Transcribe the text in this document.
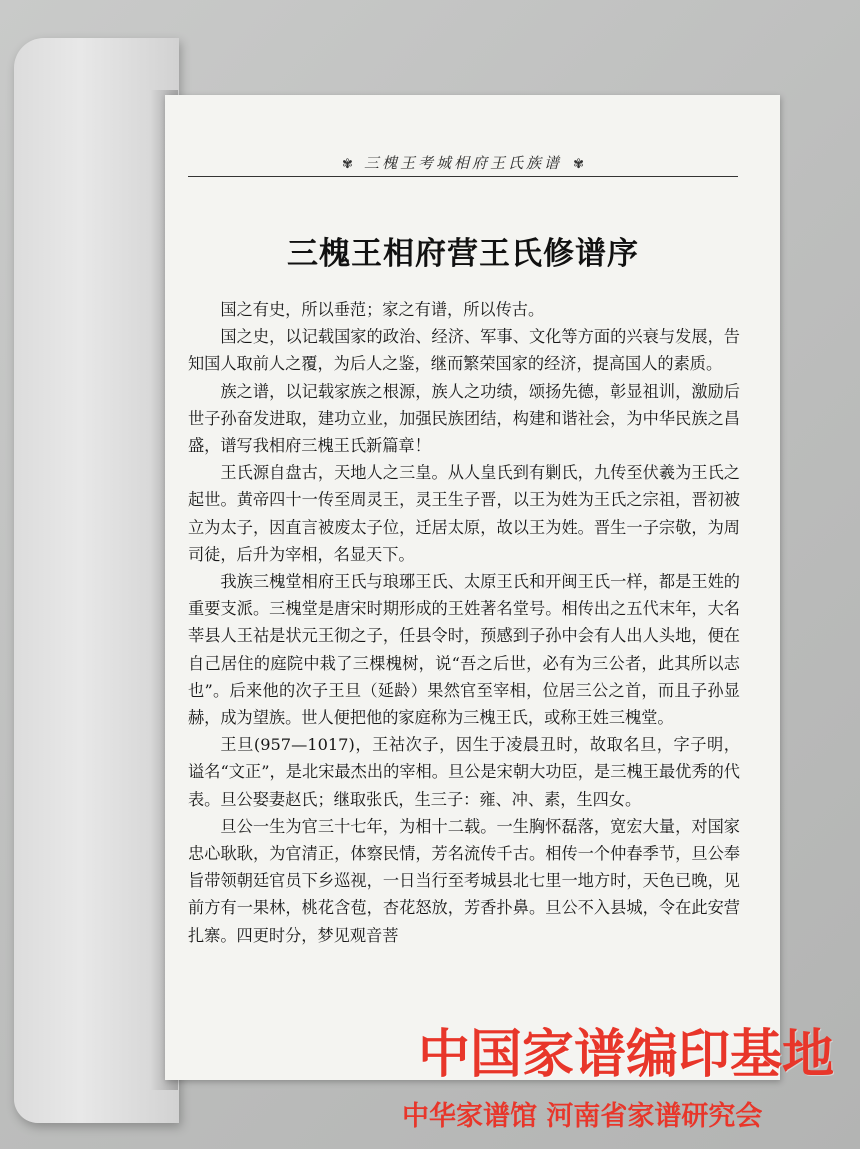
✾ 三槐王考城相府王氏族谱 ✾
三槐王相府营王氏修谱序

国之有史，所以垂范；家之有谱，所以传古。

国之史，以记载国家的政治、经济、军事、文化等方面的兴衰与发展，告知国人取前人之覆，为后人之鉴，继而繁荣国家的经济，提高国人的素质。

族之谱，以记载家族之根源，族人之功绩，颂扬先德，彰显祖训，激励后世子孙奋发进取，建功立业，加强民族团结，构建和谐社会，为中华民族之昌盛，谱写我相府三槐王氏新篇章！

王氏源自盘古，天地人之三皇。从人皇氏到有剿氏，九传至伏羲为王氏之起世。黄帝四十一传至周灵王，灵王生子晋，以王为姓为王氏之宗祖，晋初被立为太子，因直言被废太子位，迁居太原，故以王为姓。晋生一子宗敬，为周司徒，后升为宰相，名显天下。

我族三槐堂相府王氏与琅琊王氏、太原王氏和开闽王氏一样，都是王姓的重要支派。三槐堂是唐宋时期形成的王姓著名堂号。相传出之五代末年，大名莘县人王祜是状元王彻之子，任县令时，预感到子孙中会有人出人头地，便在自己居住的庭院中栽了三棵槐树，说“吾之后世，必有为三公者，此其所以志也”。后来他的次子王旦（延龄）果然官至宰相，位居三公之首，而且子孙显赫，成为望族。世人便把他的家庭称为三槐王氏，或称王姓三槐堂。

王旦(957—1017)，王祜次子，因生于凌晨丑时，故取名旦，字子明，谥名“文正”，是北宋最杰出的宰相。旦公是宋朝大功臣，是三槐王最优秀的代表。旦公娶妻赵氏；继取张氏，生三子：雍、冲、素，生四女。

旦公一生为官三十七年，为相十二载。一生胸怀磊落，宽宏大量，对国家忠心耿耿，为官清正，体察民情，芳名流传千古。相传一个仲春季节，旦公奉旨带领朝廷官员下乡巡视，一日当行至考城县北七里一地方时，天色已晚，见前方有一果林，桃花含苞，杏花怒放，芳香扑鼻。旦公不入县城，令在此安营扎寨。四更时分，梦见观音菩

中国家谱编印基地
中华家谱馆 河南省家谱研究会
